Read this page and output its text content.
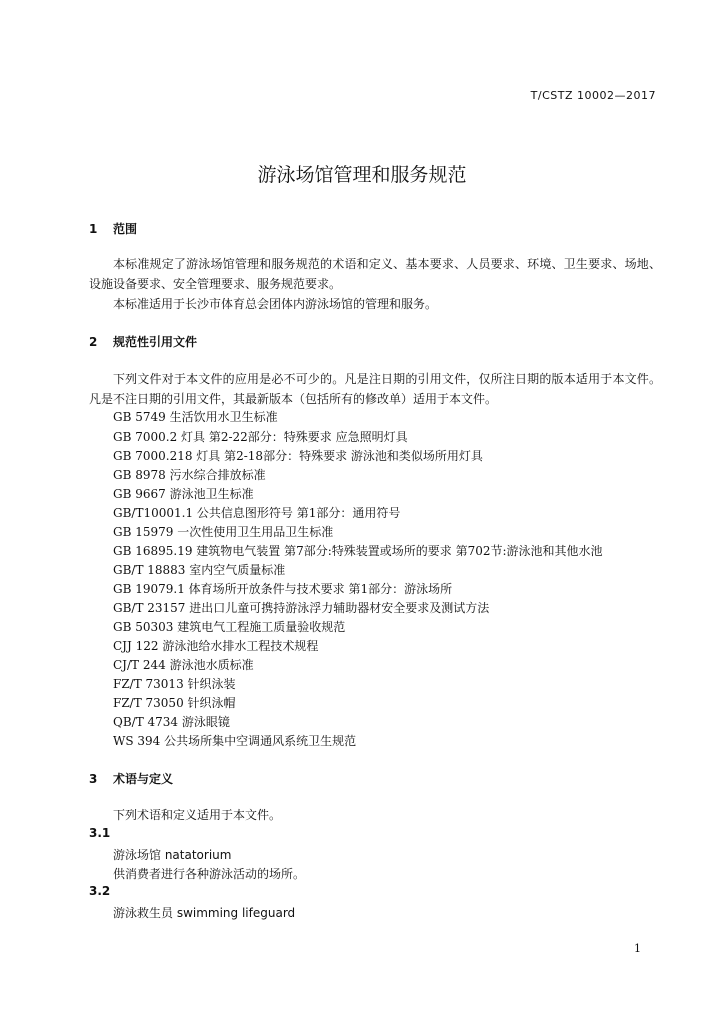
T/CSTZ 10002—2017
游泳场馆管理和服务规范
1 范围
本标准规定了游泳场馆管理和服务规范的术语和定义、基本要求、人员要求、环境、卫生要求、场地、设施设备要求、安全管理要求、服务规范要求。
本标准适用于长沙市体育总会团体内游泳场馆的管理和服务。
2 规范性引用文件
下列文件对于本文件的应用是必不可少的。凡是注日期的引用文件，仅所注日期的版本适用于本文件。凡是不注日期的引用文件，其最新版本（包括所有的修改单）适用于本文件。
GB 5749 生活饮用水卫生标准
GB 7000.2 灯具 第2-22部分：特殊要求 应急照明灯具
GB 7000.218 灯具 第2-18部分：特殊要求 游泳池和类似场所用灯具
GB 8978 污水综合排放标准
GB 9667 游泳池卫生标准
GB/T10001.1 公共信息图形符号 第1部分：通用符号
GB 15979 一次性使用卫生用品卫生标准
GB 16895.19 建筑物电气装置 第7部分:特殊装置或场所的要求 第702节:游泳池和其他水池
GB/T 18883 室内空气质量标准
GB 19079.1 体育场所开放条件与技术要求 第1部分：游泳场所
GB/T 23157 进出口儿童可携持游泳浮力辅助器材安全要求及测试方法
GB 50303 建筑电气工程施工质量验收规范
CJJ 122 游泳池给水排水工程技术规程
CJ/T 244 游泳池水质标准
FZ/T 73013 针织泳装
FZ/T 73050 针织泳帽
QB/T 4734 游泳眼镜
WS 394 公共场所集中空调通风系统卫生规范
3 术语与定义
下列术语和定义适用于本文件。
3.1
游泳场馆 natatorium
供消费者进行各种游泳活动的场所。
3.2
游泳救生员 swimming lifeguard
1
